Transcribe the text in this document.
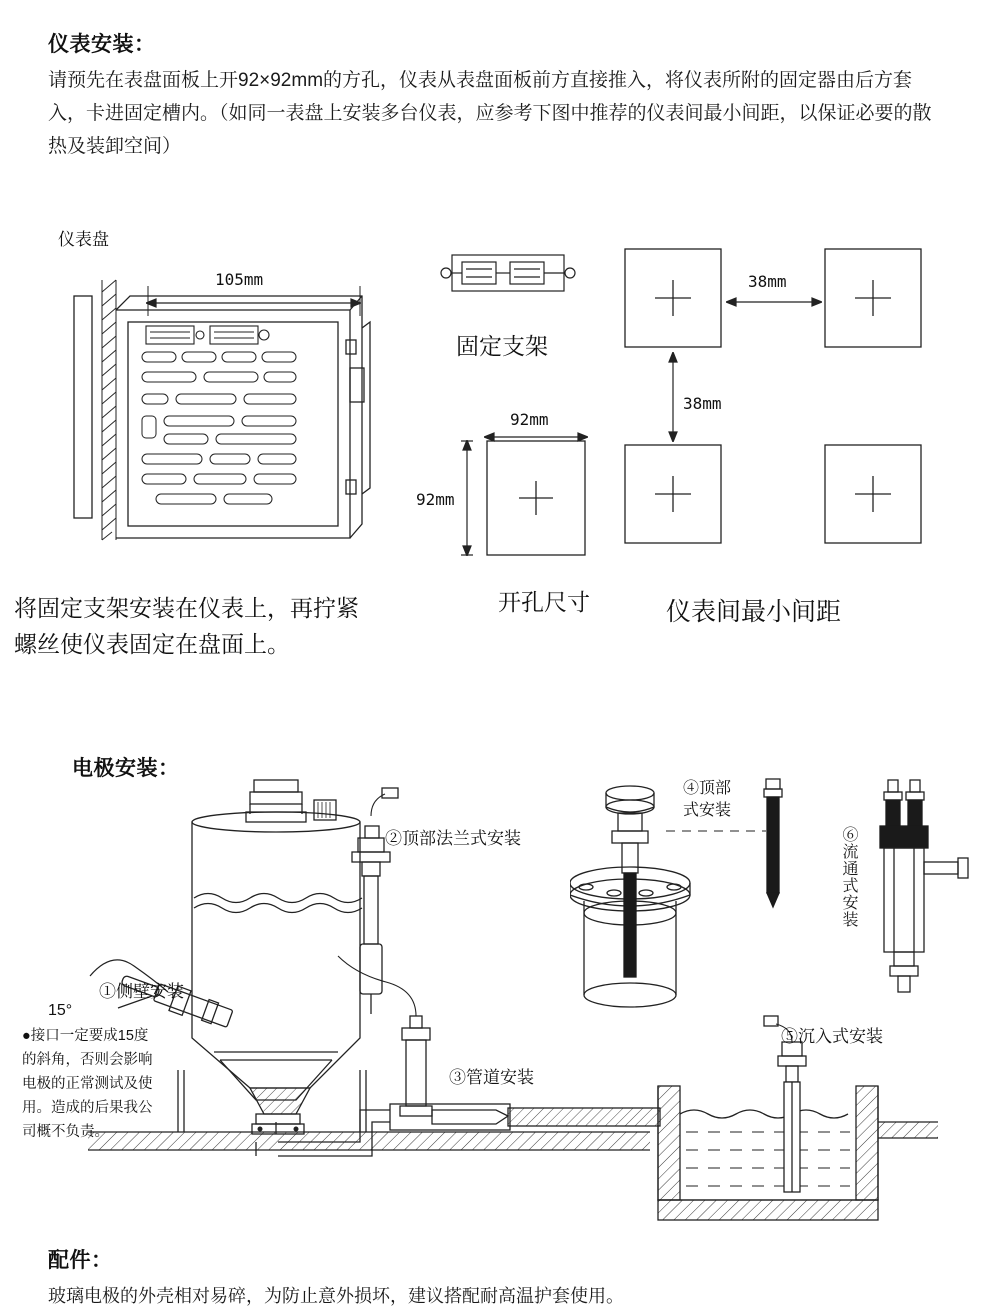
仪表安装：
请预先在表盘面板上开92×92mm的方孔，仪表从表盘面板前方直接推入，将仪表所附的固定器由后方套入，卡进固定槽内。（如同一表盘上安装多台仪表，应参考下图中推荐的仪表间最小间距，以保证必要的散热及装卸空间）
仪表盘
105mm
将固定支架安装在仪表上，再拧紧
螺丝使仪表固定在盘面上。
固定支架
92mm
92mm
开孔尺寸
38mm
38mm
仪表间最小间距
电极安装：
①侧壁安装
15°
②顶部法兰式安装
③管道安装
④顶部
式安装
⑤沉入式安装
⑥流通式安装
●接口一定要成15度
的斜角，否则会影响
电极的正常测试及使
用。造成的后果我公
司概不负责。
配件：
玻璃电极的外壳相对易碎，为防止意外损坏，建议搭配耐高温护套使用。
